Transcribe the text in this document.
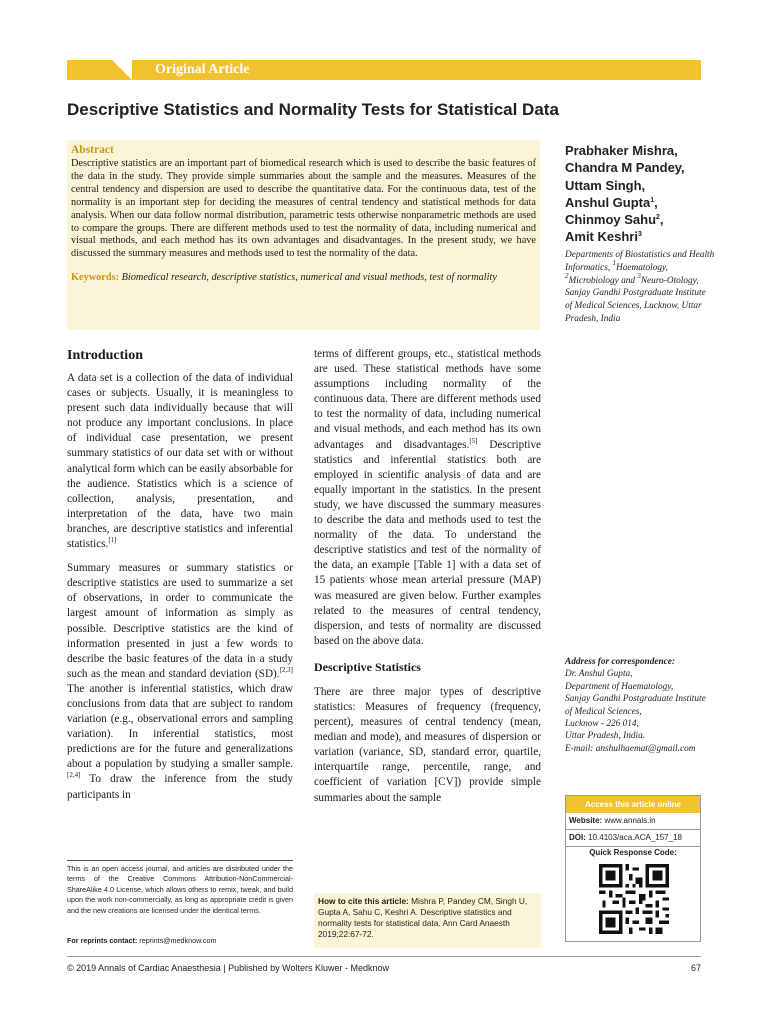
Original Article
Descriptive Statistics and Normality Tests for Statistical Data
Abstract
Descriptive statistics are an important part of biomedical research which is used to describe the basic features of the data in the study. They provide simple summaries about the sample and the measures. Measures of the central tendency and dispersion are used to describe the quantitative data. For the continuous data, test of the normality is an important step for deciding the measures of central tendency and statistical methods for data analysis. When our data follow normal distribution, parametric tests otherwise nonparametric methods are used to compare the groups. There are different methods used to test the normality of data, including numerical and visual methods, and each method has its own advantages and disadvantages. In the present study, we have discussed the summary measures and methods used to test the normality of the data.
Keywords: Biomedical research, descriptive statistics, numerical and visual methods, test of normality
Prabhaker Mishra,
Chandra M Pandey,
Uttam Singh,
Anshul Gupta$^1$,
Chinmoy Sahu$^2$,
Amit Keshri$^3$
Departments of Biostatistics and Health Informatics, $^1$Haematology, $^2$Microbiology and $^3$Neuro-Otology, Sanjay Gandhi Postgraduate Institute of Medical Sciences, Lucknow, Uttar Pradesh, India
Introduction

A data set is a collection of the data of individual cases or subjects. Usually, it is meaningless to present such data individually because that will not produce any important conclusions. In place of individual case presentation, we present summary statistics of our data set with or without analytical form which can be easily absorbable for the audience. Statistics which is a science of collection, analysis, presentation, and interpretation of the data, have two main branches, are descriptive statistics and inferential statistics.[1]

Summary measures or summary statistics or descriptive statistics are used to summarize a set of observations, in order to communicate the largest amount of information as simply as possible. Descriptive statistics are the kind of information presented in just a few words to describe the basic features of the data in a study such as the mean and standard deviation (SD).[2,3] The another is inferential statistics, which draw conclusions from data that are subject to random variation (e.g., observational errors and sampling variation). In inferential statistics, most predictions are for the future and generalizations about a population by studying a smaller sample.[2,4] To draw the inference from the study participants in

terms of different groups, etc., statistical methods are used. These statistical methods have some assumptions including normality of the continuous data. There are different methods used to test the normality of data, including numerical and visual methods, and each method has its own advantages and disadvantages.[5] Descriptive statistics and inferential statistics both are employed in scientific analysis of data and are equally important in the statistics. In the present study, we have discussed the summary measures to describe the data and methods used to test the normality of the data. To understand the descriptive statistics and test of the normality of the data, an example [Table 1] with a data set of 15 patients whose mean arterial pressure (MAP) was measured are given below. Further examples related to the measures of central tendency, dispersion, and tests of normality are discussed based on the above data.

Descriptive Statistics

There are three major types of descriptive statistics: Measures of frequency (frequency, percent), measures of central tendency (mean, median and mode), and measures of dispersion or variation (variance, SD, standard error, quartile, interquartile range, percentile, range, and coefficient of variation [CV]) provide simple summaries about the sample

This is an open access journal, and articles are distributed under the terms of the Creative Commons Attribution-NonCommercial-ShareAlike 4.0 License, which allows others to remix, tweak, and build upon the work non-commercially, as long as appropriate credit is given and the new creations are licensed under the identical terms.
For reprints contact: reprints@medknow.com
How to cite this article: Mishra P, Pandey CM, Singh U, Gupta A, Sahu C, Keshri A. Descriptive statistics and normality tests for statistical data. Ann Card Anaesth 2019;22:67-72.
Address for correspondence:
Dr. Anshul Gupta,
Department of Haematology,
Sanjay Gandhi Postgraduate Institute of Medical Sciences,
Lucknow - 226 014,
Uttar Pradesh, India.
E-mail: anshulhaemat@gmail.com
Access this article online
Website: www.annals.in
DOI: 10.4103/aca.ACA_157_18
Quick Response Code:
© 2019 Annals of Cardiac Anaesthesia | Published by Wolters Kluwer - Medknow	67
